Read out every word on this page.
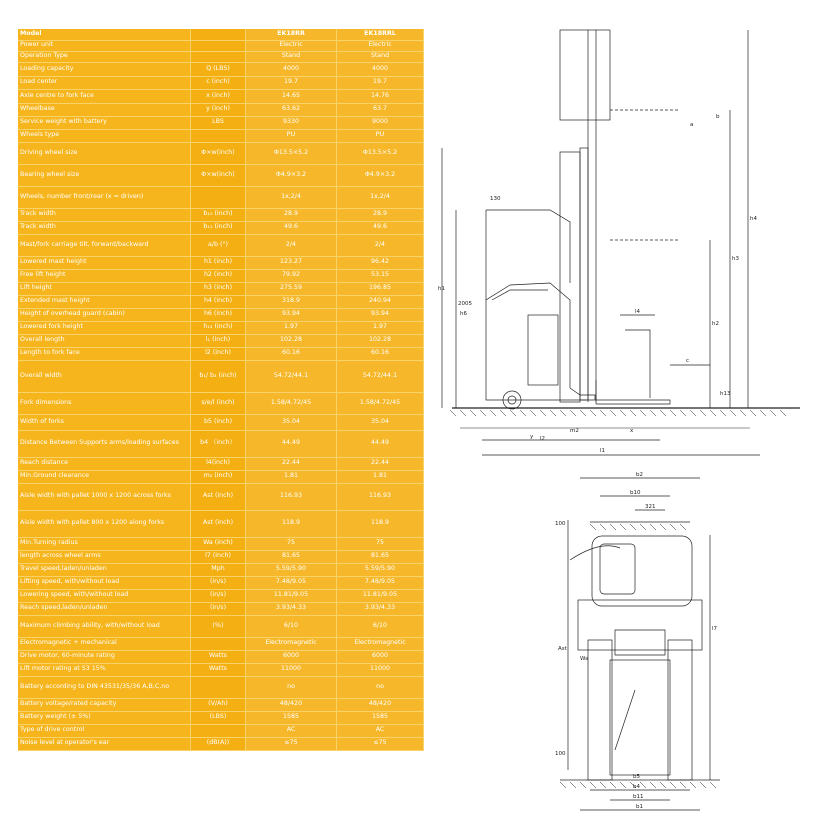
Model		EK18RR	EK18RRL
Power unit		Electric	Electric
Operation Type		Stand	Stand
Loading capacity	Q (LBS)	4000	4000
Load center	c (inch)	19.7	19.7
Axle centre to fork face	x (inch)	14.65	14.76
Wheelbase	y (inch)	63.62	63.7
Service weight with battery	LBS	9330	9000
Wheels type		PU	PU
Driving wheel size	Φ×w(inch)	Φ13.5×5.2	Φ13.5×5.2
Bearing wheel size	Φ×w(inch)	Φ4.9×3.2	Φ4.9×3.2
Wheels, number front/rear (x = driven)		1x,2/4	1x,2/4
Track width	b₁₀ (inch)	28.9	28.9
Track width	b₁₁ (inch)	49.6	49.6
Mast/fork carriage tilt, forward/backward	a/b (°)	2/4	2/4
Lowered mast height	h1 (inch)	123.27	96.42
Free lift height	h2 (inch)	79.92	53.15
Lift height	h3 (inch)	275.59	196.85
Extended mast height	h4 (inch)	318.9	240.94
Height of overhead guard (cabin)	h6 (inch)	93.94	93.94
Lowered fork height	h₁₃ (inch)	1.97	1.97
Overall length	l₁ (inch)	102.28	102.28
Length to fork face	l2 (inch)	60.16	60.16
Overall width	b₁/ b₂ (inch)	54.72/44.1	54.72/44.1
Fork dimensions	s/e/l (inch)	1.58/4.72/45	1.58/4.72/45
Width of forks	b5 (inch)	35.04	35.04
Distance Between Supports arms/loading surfaces	b4 （inch）	44.49	44.49
Reach distance	l4(inch)	22.44	22.44
Min.Ground clearance	m₂ (inch)	1.81	1.81
Aisle width with pallet 1000 x 1200 across forks	Ast (inch)	116.93	116.93
Aisle width with pallet 800 x 1200 along forks	Ast (inch)	118.9	118.9
Min.Turning radius	Wa (inch)	75	75
length across wheel arms	l7 (inch)	81.65	81.65
Travel speed,laden/unladen	Mph	5.59/5.90	5.59/5.90
Lifting speed, with/without load	(in/s)	7.48/9.05	7.48/9.05
Lowering speed, with/without load	(in/s)	11.81/9.05	11.81/9.05
Reach speed,laden/unladen	(in/s)	3.93/4.33	3.93/4.33
Maximum climbing ability, with/without load	(%)	6/10	6/10
Electromagnetic + mechanical		Electromagnetic	Electromagnetic
Drive motor, 60-minute rating	Watts	6000	6000
Lift motor rating at S3 15%	Watts	11000	11000
Battery according to DIN 43531/35/36 A,B,C,no		no	no
Battery voltage/rated capacity	(V/Ah)	48/420	48/420
Battery weight (± 5%)	(LBS)	1585	1585
Type of drive control		AC	AC
Noise level at operator's ear	(dB(A))	≤75	≤75
130
2005
h6
h1
h3
h4
h2
h13
l4
c
a
b
x
m2
y l2
l1
b2
b10
321
100
l7
Wa
Ast
b5
b4
b11
b1
100
